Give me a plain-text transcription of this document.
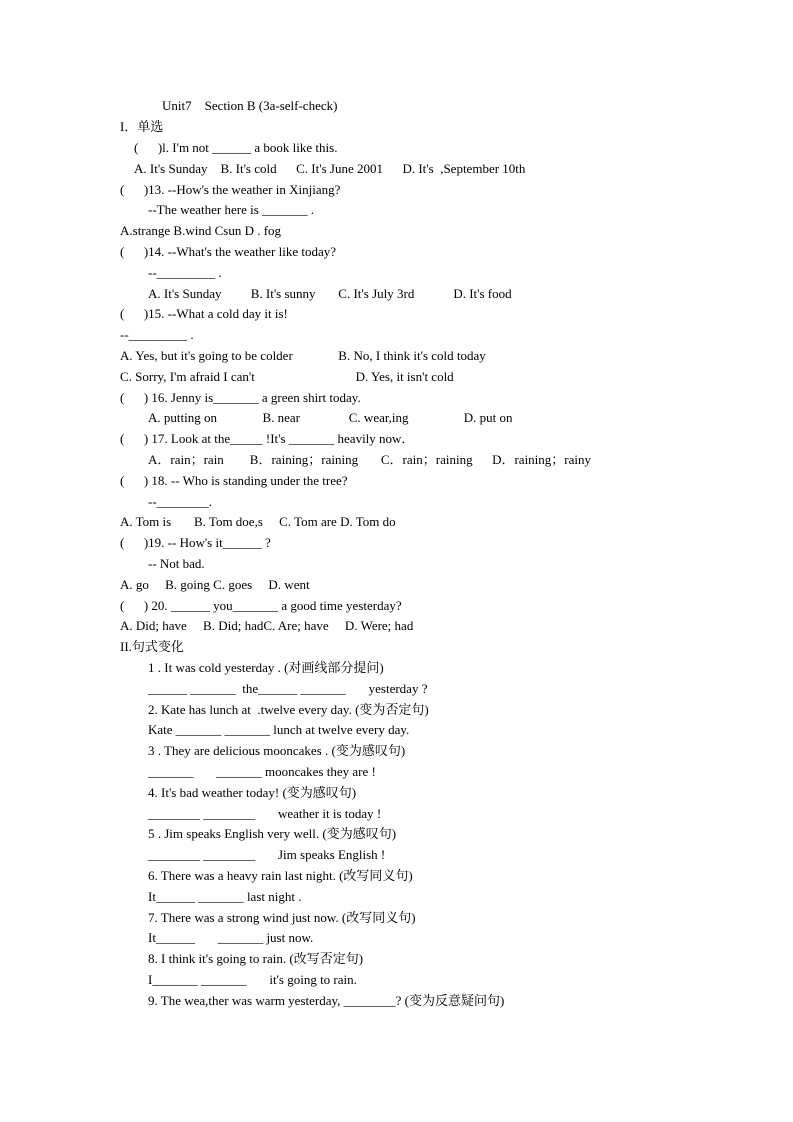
Unit7    Section B (3a-self-check)
I．单选
(      )l. I'm not ______ a book like this.
A. It's Sunday    B. It's cold      C. It's June 2001      D. It's  ,September 10th
(      )13. --How's the weather in Xinjiang?
--The weather here is _______ .
A.strange B.wind Csun D . fog
(      )14. --What's the weather like today?
--_________ .
A. It's Sunday         B. It's sunny       C. It's July 3rd            D. It's food
(      )15. --What a cold day it is!
--_________ .
A. Yes, but it's going to be colder              B. No, I think it's cold today
C. Sorry, I'm afraid I can't                               D. Yes, it isn't cold
(      ) 16. Jenny is_______ a green shirt today.
A. putting on              B. near               C. wear,ing                 D. put on
(      ) 17. Look at the_____ !It's _______ heavily now．
A．rain；rain        B．raining；raining       C．rain；raining      D．raining；rainy
(      ) 18. -- Who is standing under the tree?
--________.
A. Tom is       B. Tom doe,s     C. Tom are D. Tom do
(      )19. -- How's it______ ?
-- Not bad.
A. go     B. going C. goes     D. went
(      ) 20. ______ you_______ a good time yesterday?
A. Did; have     B. Did; hadC. Are; have     D. Were; had
II.句式变化
1 . It was cold yesterday . (对画线部分提问)
______ _______  the______ _______       yesterday ?
2. Kate has lunch at  .twelve every day. (变为否定句)
Kate _______ _______ lunch at twelve every day.
3 . They are delicious mooncakes . (变为感叹句)
_______       _______ mooncakes they are !
4. It's bad weather today! (变为感叹句)
________ ________       weather it is today !
5 . Jim speaks English very well. (变为感叹句)
________ ________       Jim speaks English !
6. There was a heavy rain last night. (改写同义句)
It______ _______ last night .
7. There was a strong wind just now. (改写同义句)
It______       _______ just now.
8. I think it's going to rain. (改写否定句)
I_______ _______       it's going to rain.
9. The wea,ther was warm yesterday, ________? (变为反意疑问句)
